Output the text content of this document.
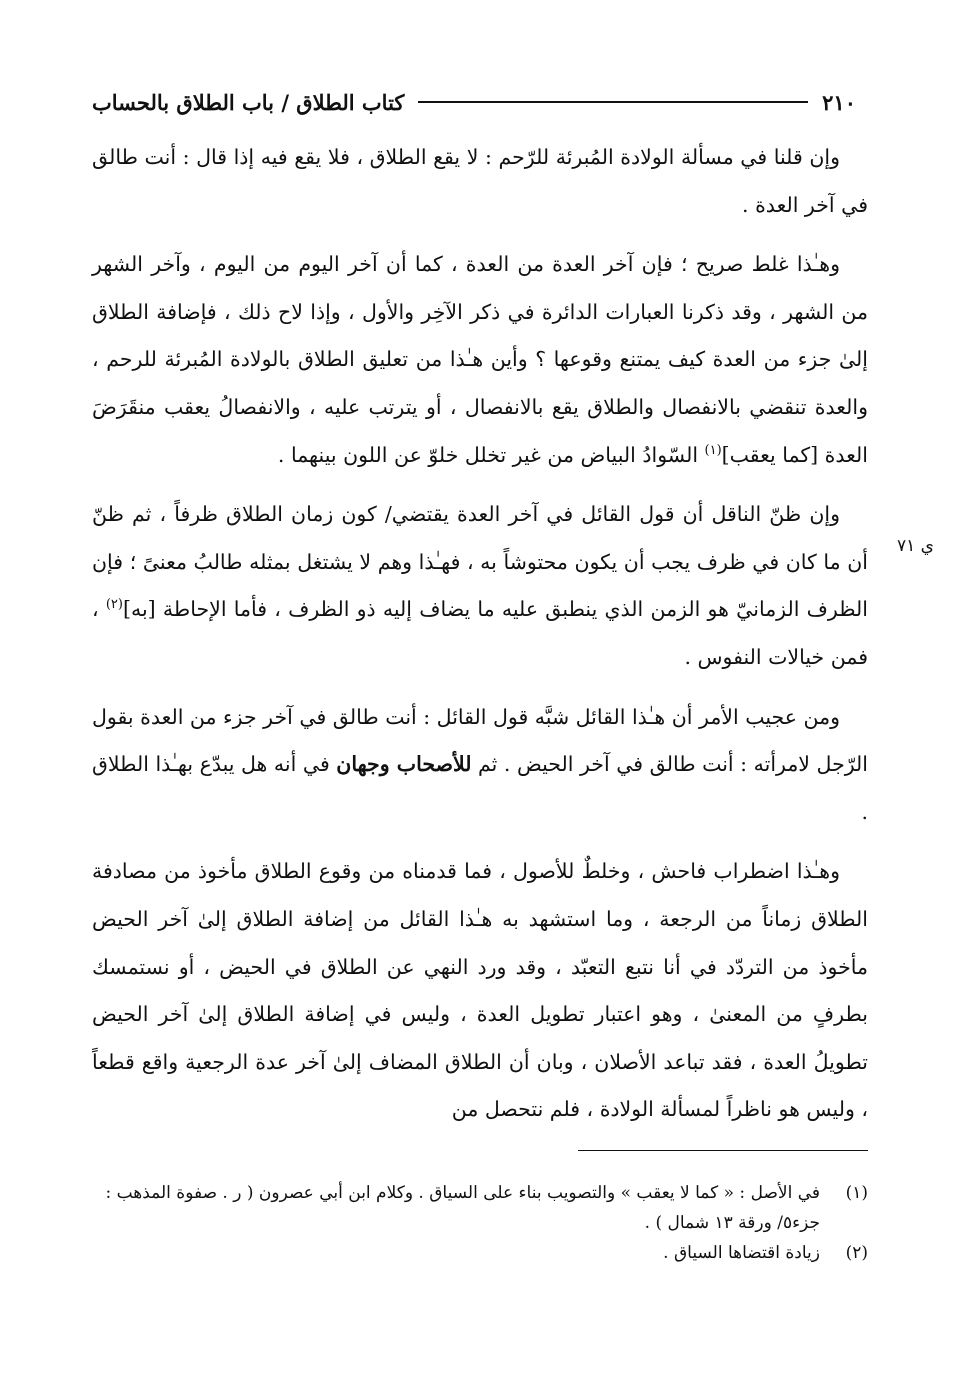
٢١٠
كتاب الطلاق / باب الطلاق بالحساب
ي ٧١

وإن قلنا في مسألة الولادة المُبرئة للرّحم : لا يقع الطلاق ، فلا يقع فيه إذا قال : أنت طالق في آخر العدة .

وهـٰذا غلط صريح ؛ فإن آخر العدة من العدة ، كما أن آخر اليوم من اليوم ، وآخر الشهر من الشهر ، وقد ذكرنا العبارات الدائرة في ذكر الآخِر والأول ، وإذا لاح ذلك ، فإضافة الطلاق إلىٰ جزء من العدة كيف يمتنع وقوعها ؟ وأين هـٰذا من تعليق الطلاق بالولادة المُبرئة للرحم ، والعدة تنقضي بالانفصال والطلاق يقع بالانفصال ، أو يترتب عليه ، والانفصالُ يعقب منقَرَضَ العدة [كما يعقب]$^{(١)}$ السّوادُ البياض من غير تخلل خلوّ عن اللون بينهما .

وإن ظنّ الناقل أن قول القائل في آخر العدة يقتضي/ كون زمان الطلاق ظرفاً ، ثم ظنّ أن ما كان في ظرف يجب أن يكون محتوشاً به ، فهـٰذا وهم لا يشتغل بمثله طالبُ معنىً ؛ فإن الظرف الزمانيّ هو الزمن الذي ينطبق عليه ما يضاف إليه ذو الظرف ، فأما الإحاطة [به]$^{(٢)}$ ، فمن خيالات النفوس .

ومن عجيب الأمر أن هـٰذا القائل شبَّه قول القائل : أنت طالق في آخر جزء من العدة بقول الرّجل لامرأته : أنت طالق في آخر الحيض . ثم للأصحاب وجهان في أنه هل يبدّع بهـٰذا الطلاق .

وهـٰذا اضطراب فاحش ، وخلطٌ للأصول ، فما قدمناه من وقوع الطلاق مأخوذ من مصادفة الطلاق زماناً من الرجعة ، وما استشهد به هـٰذا القائل من إضافة الطلاق إلىٰ آخر الحيض مأخوذ من التردّد في أنا نتبع التعبّد ، وقد ورد النهي عن الطلاق في الحيض ، أو نستمسك بطرفٍ من المعنىٰ ، وهو اعتبار تطويل العدة ، وليس في إضافة الطلاق إلىٰ آخر الحيض تطويلُ العدة ، فقد تباعد الأصلان ، وبان أن الطلاق المضاف إلىٰ آخر عدة الرجعية واقع قطعاً ، وليس هو ناظراً لمسألة الولادة ، فلم نتحصل من

(١)
في الأصل : « كما لا يعقب » والتصويب بناء على السياق . وكلام ابن أبي عصرون ( ر . صفوة المذهب : جزء٥/ ورقة ١٣ شمال ) .
(٢)
زيادة اقتضاها السياق .
